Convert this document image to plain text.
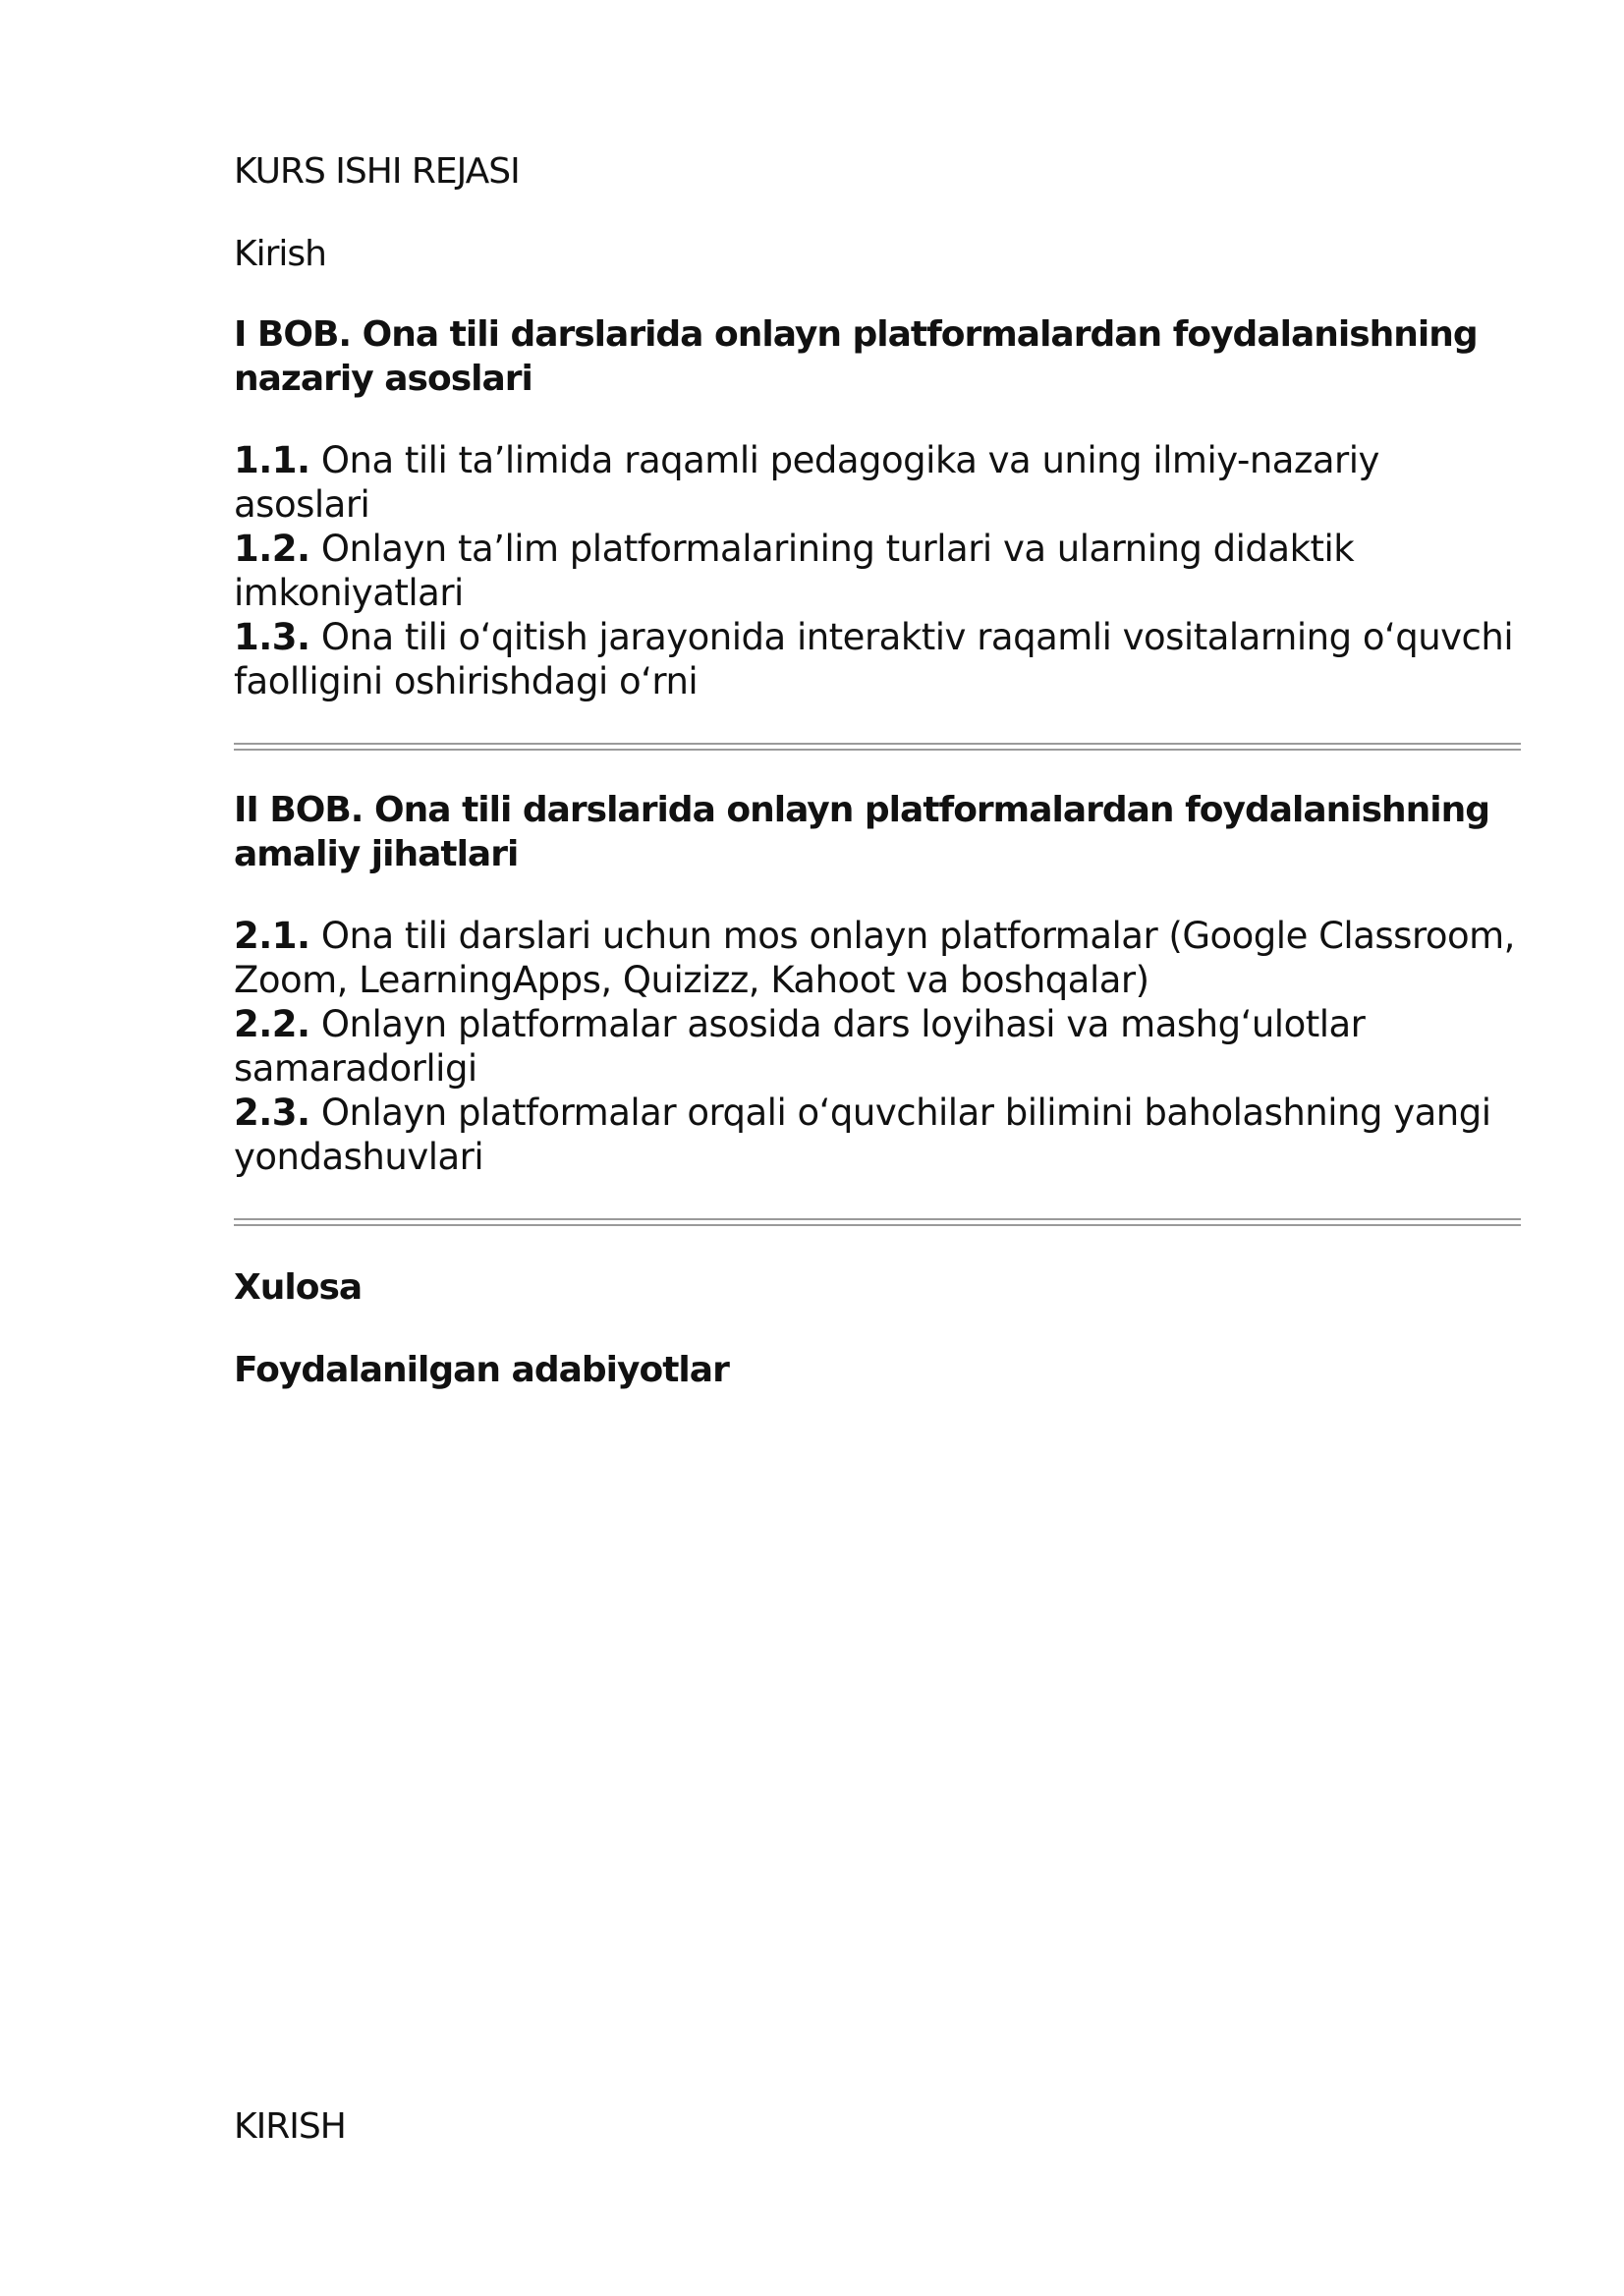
KURS ISHI REJASI

Kirish

I BOB. Ona tili darslarida onlayn platformalardan foydalanishning nazariy asoslari

1.1. Ona tili ta’limida raqamli pedagogika va uning ilmiy-nazariy asoslari
1.2. Onlayn ta’lim platformalarining turlari va ularning didaktik imkoniyatlari
1.3. Ona tili o‘qitish jarayonida interaktiv raqamli vositalarning o‘quvchi faolligini oshirishdagi o‘rni

II BOB. Ona tili darslarida onlayn platformalardan foydalanishning amaliy jihatlari

2.1. Ona tili darslari uchun mos onlayn platformalar (Google Classroom, Zoom, LearningApps, Quizizz, Kahoot va boshqalar)
2.2. Onlayn platformalar asosida dars loyihasi va mashg‘ulotlar samaradorligi
2.3. Onlayn platformalar orqali o‘quvchilar bilimini baholashning yangi yondashuvlari

Xulosa

Foydalanilgan adabiyotlar

KIRISH
